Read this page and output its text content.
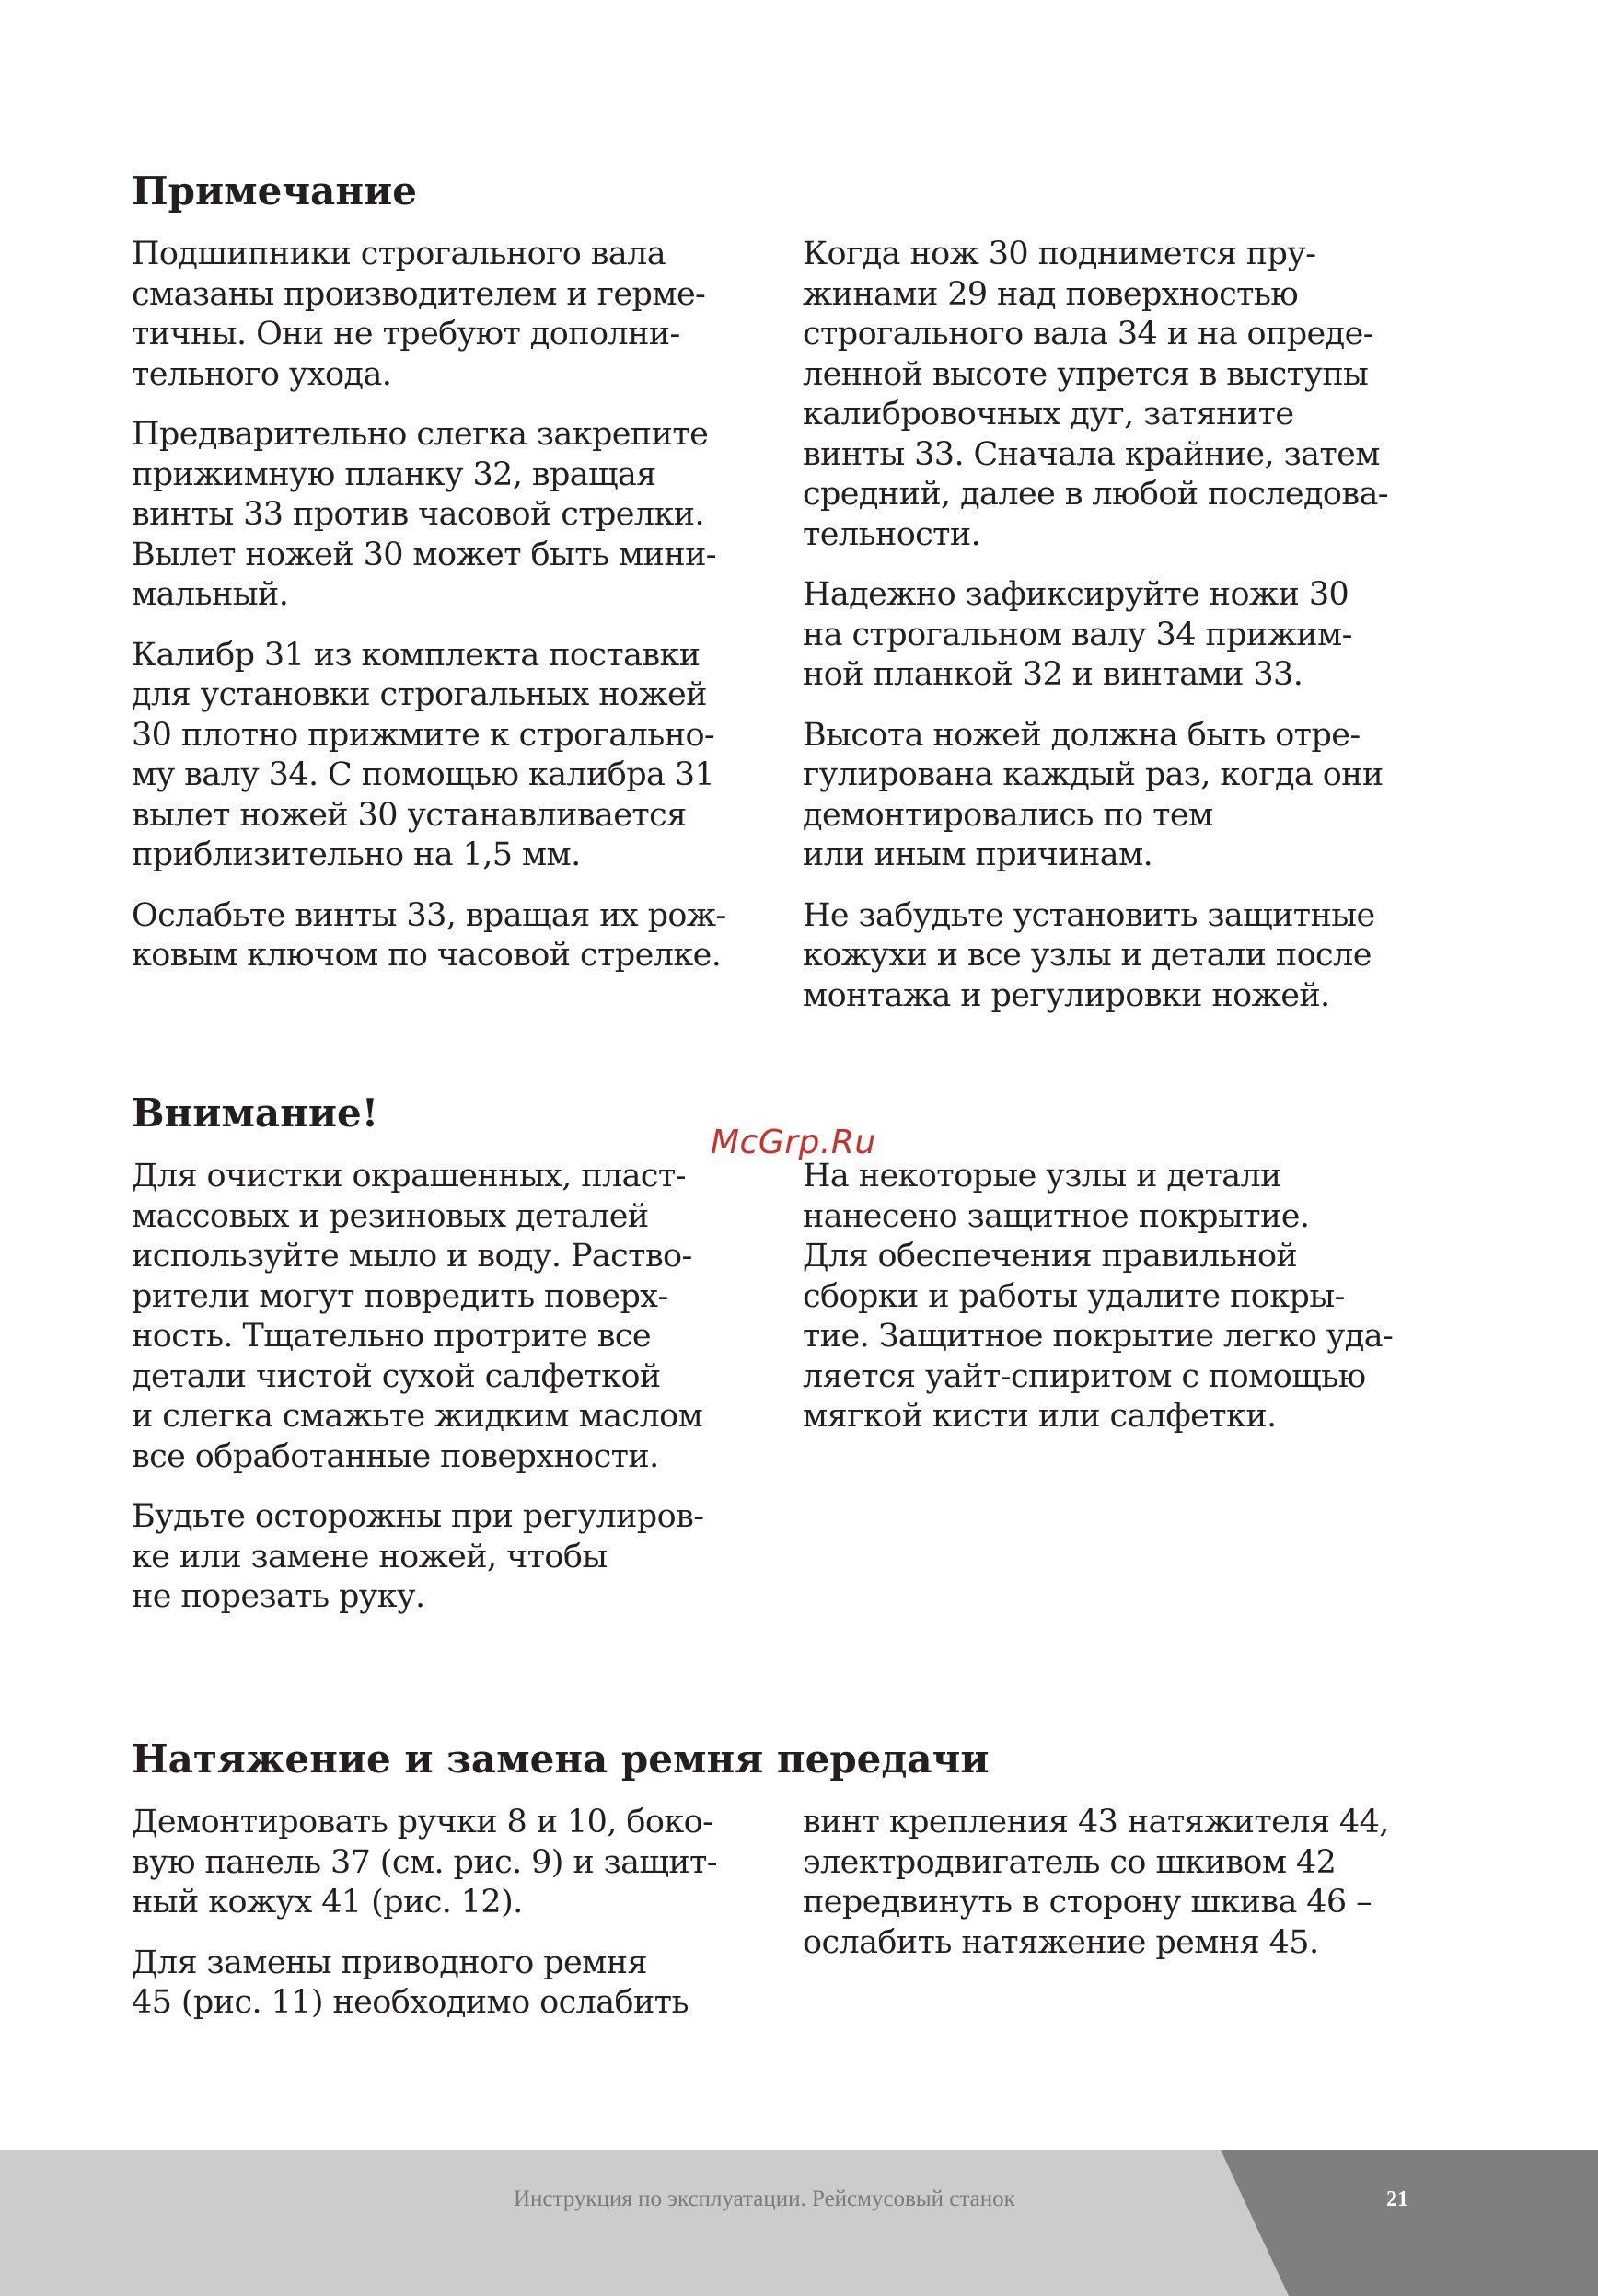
Примечание

Подшипники строгального вала
смазаны производителем и герме-
тичны. Они не требуют дополни-
тельного ухода.

Предварительно слегка закрепите
прижимную планку 32, вращая
винты 33 против часовой стрелки.
Вылет ножей 30 может быть мини-
мальный.

Калибр 31 из комплекта поставки
для установки строгальных ножей
30 плотно прижмите к строгально-
му валу 34. С помощью калибра 31
вылет ножей 30 устанавливается
приблизительно на 1,5 мм.

Ослабьте винты 33, вращая их рож-
ковым ключом по часовой стрелке.

Когда нож 30 поднимется пру-
жинами 29 над поверхностью
строгального вала 34 и на опреде-
ленной высоте упрется в выступы
калибровочных дуг, затяните
винты 33. Сначала крайние, затем
средний, далее в любой последова-
тельности.

Надежно зафиксируйте ножи 30
на строгальном валу 34 прижим-
ной планкой 32 и винтами 33.

Высота ножей должна быть отре-
гулирована каждый раз, когда они
демонтировались по тем
или иным причинам.

Не забудьте установить защитные
кожухи и все узлы и детали после
монтажа и регулировки ножей.

Внимание!

Для очистки окрашенных, пласт-
массовых и резиновых деталей
используйте мыло и воду. Раство-
рители могут повредить поверх-
ность. Тщательно протрите все
детали чистой сухой салфеткой
и слегка смажьте жидким маслом
все обработанные поверхности.

Будьте осторожны при регулиров-
ке или замене ножей, чтобы
не порезать руку.

На некоторые узлы и детали
нанесено защитное покрытие.
Для обеспечения правильной
сборки и работы удалите покры-
тие. Защитное покрытие легко уда-
ляется уайт-спиритом с помощью
мягкой кисти или салфетки.

Натяжение и замена ремня передачи

Демонтировать ручки 8 и 10, боко-
вую панель 37 (см. рис. 9) и защит-
ный кожух 41 (рис. 12).

Для замены приводного ремня
45 (рис. 11) необходимо ослабить

винт крепления 43 натяжителя 44,
электродвигатель со шкивом 42
передвинуть в сторону шкива 46 –
ослабить натяжение ремня 45.

McGrp.Ru
Инструкция по эксплуатации. Рейсмусовый станок	21
